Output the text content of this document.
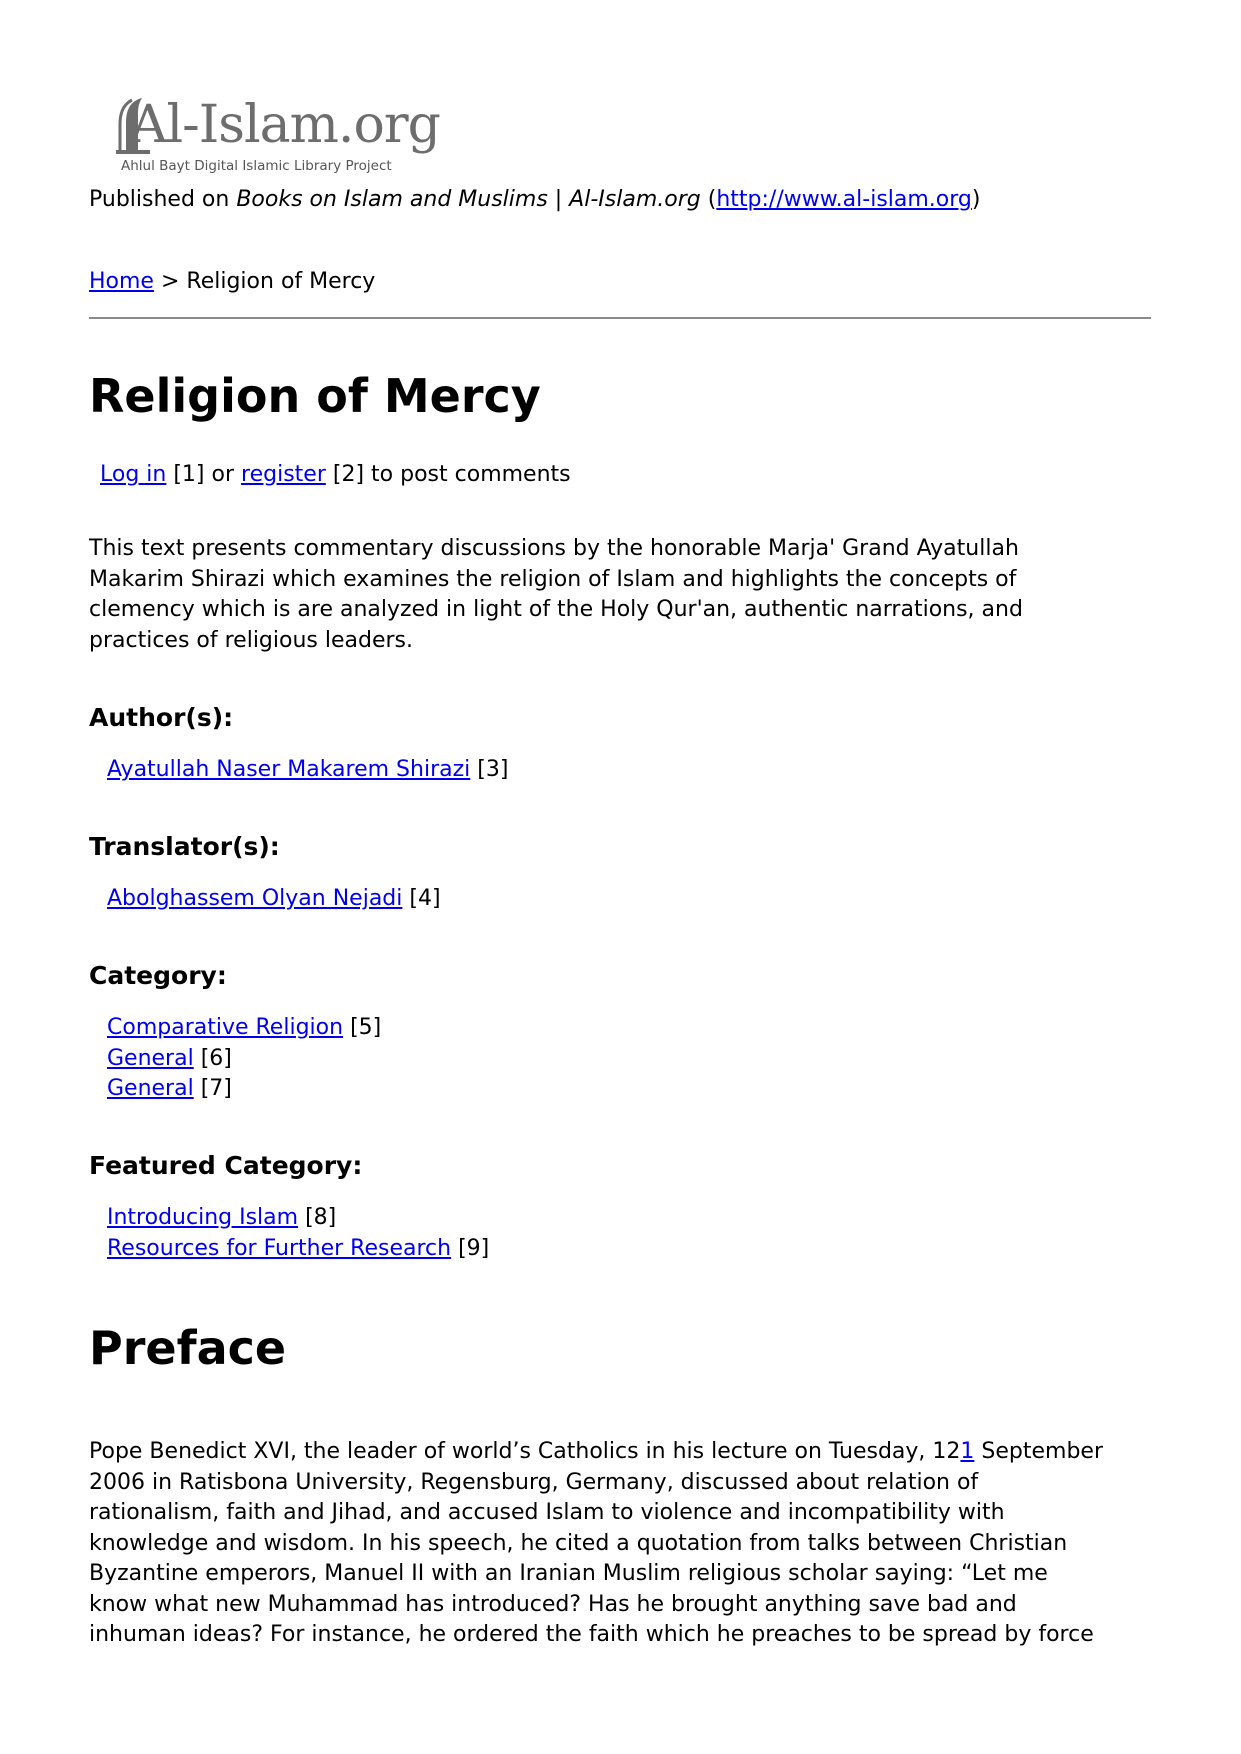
Al-Islam.org
Ahlul Bayt Digital Islamic Library Project
Published on Books on Islam and Muslims | Al-Islam.org (http://www.al-islam.org)
Home > Religion of Mercy
Religion of Mercy
Log in [1] or register [2] to post comments

This text presents commentary discussions by the honorable Marja' Grand Ayatullah Makarim Shirazi which examines the religion of Islam and highlights the concepts of clemency which is are analyzed in light of the Holy Qur'an, authentic narrations, and practices of religious leaders.

Author(s):
Ayatullah Naser Makarem Shirazi [3]
Translator(s):
Abolghassem Olyan Nejadi [4]
Category:
Comparative Religion [5]
General [6]
General [7]
Featured Category:
Introducing Islam [8]
Resources for Further Research [9]
Preface
Pope Benedict XVI, the leader of world’s Catholics in his lecture on Tuesday, 121 September
2006 in Ratisbona University, Regensburg, Germany, discussed about relation of
rationalism, faith and Jihad, and accused Islam to violence and incompatibility with
knowledge and wisdom. In his speech, he cited a quotation from talks between Christian
Byzantine emperors, Manuel II with an Iranian Muslim religious scholar saying: “Let me
know what new Muhammad has introduced? Has he brought anything save bad and
inhuman ideas? For instance, he ordered the faith which he preaches to be spread by force
